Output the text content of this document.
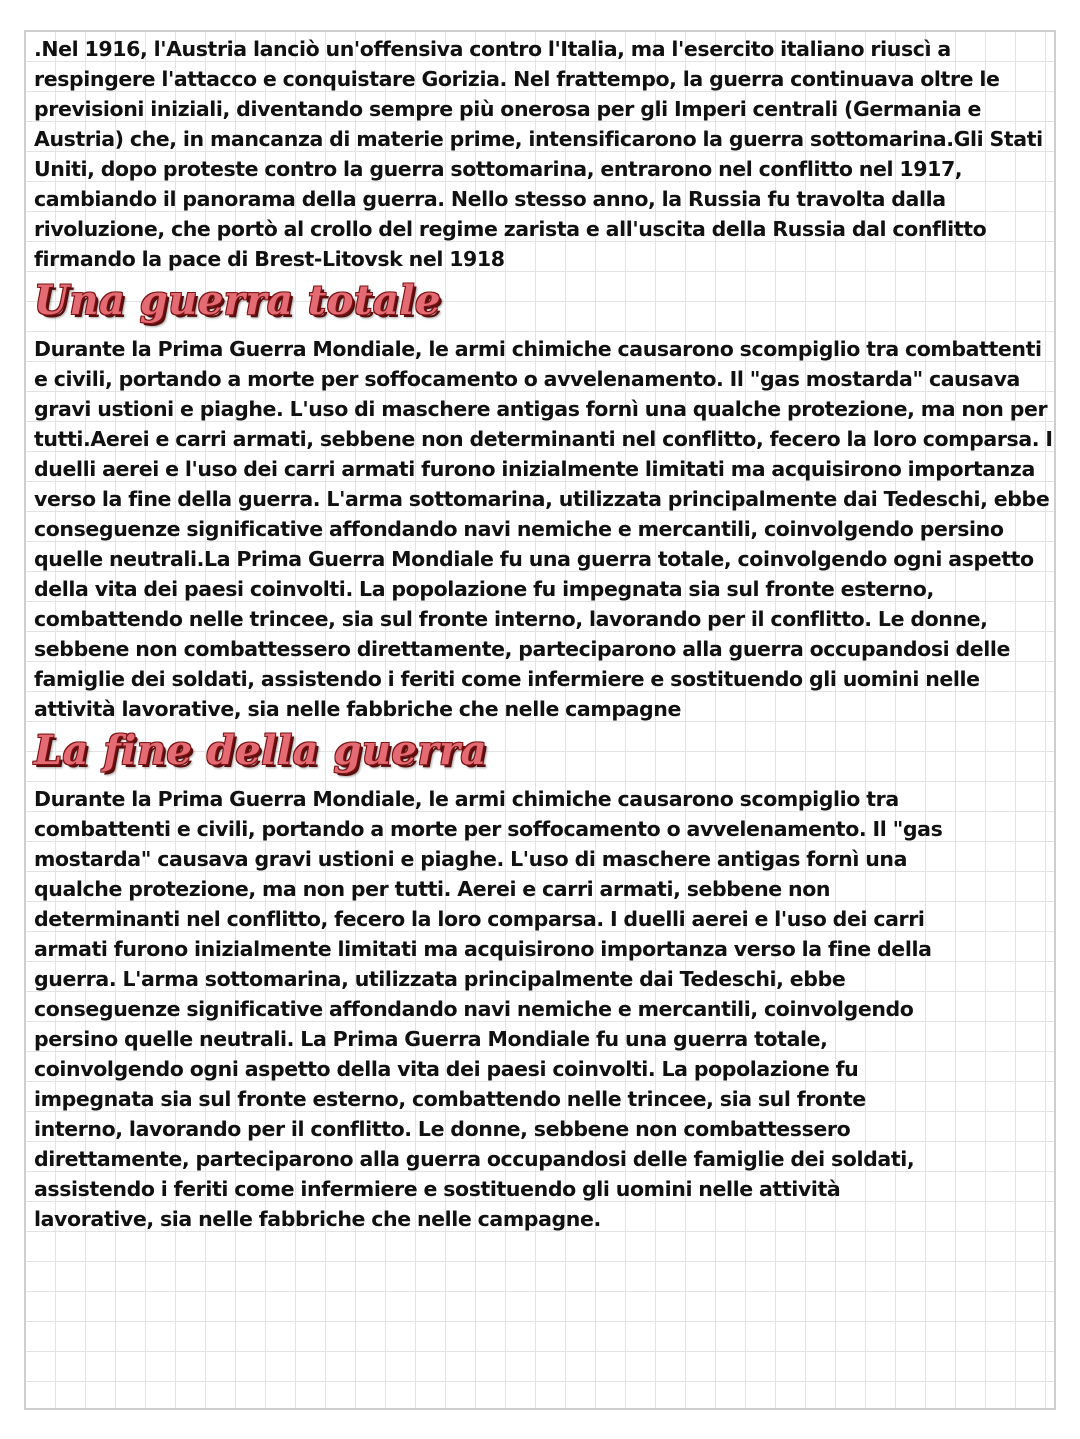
.Nel 1916, l'Austria lanciò un'offensiva contro l'Italia, ma l'esercito italiano riuscì a respingere l'attacco e conquistare Gorizia. Nel frattempo, la guerra continuava oltre le previsioni iniziali, diventando sempre più onerosa per gli Imperi centrali (Germania e Austria) che, in mancanza di materie prime, intensificarono la guerra sottomarina.Gli Stati Uniti, dopo proteste contro la guerra sottomarina, entrarono nel conflitto nel 1917, cambiando il panorama della guerra. Nello stesso anno, la Russia fu travolta dalla rivoluzione, che portò al crollo del regime zarista e all'uscita della Russia dal conflitto firmando la pace di Brest-Litovsk nel 1918

Una guerra totale

Durante la Prima Guerra Mondiale, le armi chimiche causarono scompiglio tra combattenti e civili, portando a morte per soffocamento o avvelenamento. Il "gas mostarda" causava gravi ustioni e piaghe. L'uso di maschere antigas fornì una qualche protezione, ma non per tutti.Aerei e carri armati, sebbene non determinanti nel conflitto, fecero la loro comparsa. I duelli aerei e l'uso dei carri armati furono inizialmente limitati ma acquisirono importanza verso la fine della guerra. L'arma sottomarina, utilizzata principalmente dai Tedeschi, ebbe conseguenze significative affondando navi nemiche e mercantili, coinvolgendo persino quelle neutrali.La Prima Guerra Mondiale fu una guerra totale, coinvolgendo ogni aspetto della vita dei paesi coinvolti. La popolazione fu impegnata sia sul fronte esterno, combattendo nelle trincee, sia sul fronte interno, lavorando per il conflitto. Le donne, sebbene non combattessero direttamente, parteciparono alla guerra occupandosi delle famiglie dei soldati, assistendo i feriti come infermiere e sostituendo gli uomini nelle attività lavorative, sia nelle fabbriche che nelle campagne

La fine della guerra

Durante la Prima Guerra Mondiale, le armi chimiche causarono scompiglio tra combattenti e civili, portando a morte per soffocamento o avvelenamento. Il "gas mostarda" causava gravi ustioni e piaghe. L'uso di maschere antigas fornì una qualche protezione, ma non per tutti. Aerei e carri armati, sebbene non determinanti nel conflitto, fecero la loro comparsa. I duelli aerei e l'uso dei carri armati furono inizialmente limitati ma acquisirono importanza verso la fine della guerra. L'arma sottomarina, utilizzata principalmente dai Tedeschi, ebbe conseguenze significative affondando navi nemiche e mercantili, coinvolgendo persino quelle neutrali. La Prima Guerra Mondiale fu una guerra totale, coinvolgendo ogni aspetto della vita dei paesi coinvolti. La popolazione fu impegnata sia sul fronte esterno, combattendo nelle trincee, sia sul fronte interno, lavorando per il conflitto. Le donne, sebbene non combattessero direttamente, parteciparono alla guerra occupandosi delle famiglie dei soldati, assistendo i feriti come infermiere e sostituendo gli uomini nelle attività lavorative, sia nelle fabbriche che nelle campagne.
